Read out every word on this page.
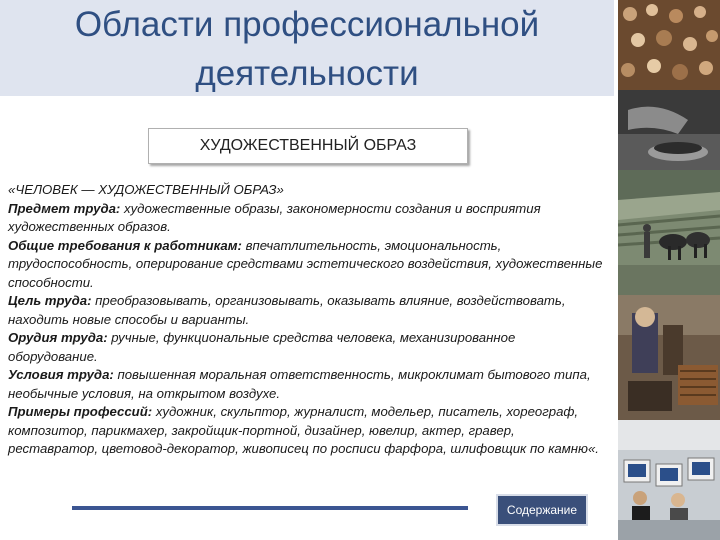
Области профессиональной
деятельности
ХУДОЖЕСТВЕННЫЙ ОБРАЗ

«ЧЕЛОВЕК — ХУДОЖЕСТВЕННЫЙ ОБРАЗ»

Предмет труда: художественные образы, закономерности создания и восприятия художественных образов.

Общие требования к работникам: впечатлительность, эмоциональность, трудоспособность, оперирование средствами эстетического воздействия, художественные способности.

Цель труда: преобразовывать, организовывать, оказывать влияние, воздействовать, находить новые способы и варианты.

Орудия труда: ручные, функциональные средства человека, механизированное оборудование.

Условия труда: повышенная моральная ответственность, микроклимат бытового типа, необычные условия, на открытом воздухе.

Примеры профессий: художник, скульптор, журналист, модельер, писатель, хореограф, композитор, парикмахер, закройщик-портной, дизайнер, ювелир, актер, гравер, реставратор, цветовод-декоратор, живописец по росписи фарфора, шлифовщик по камню«.

Содержание
